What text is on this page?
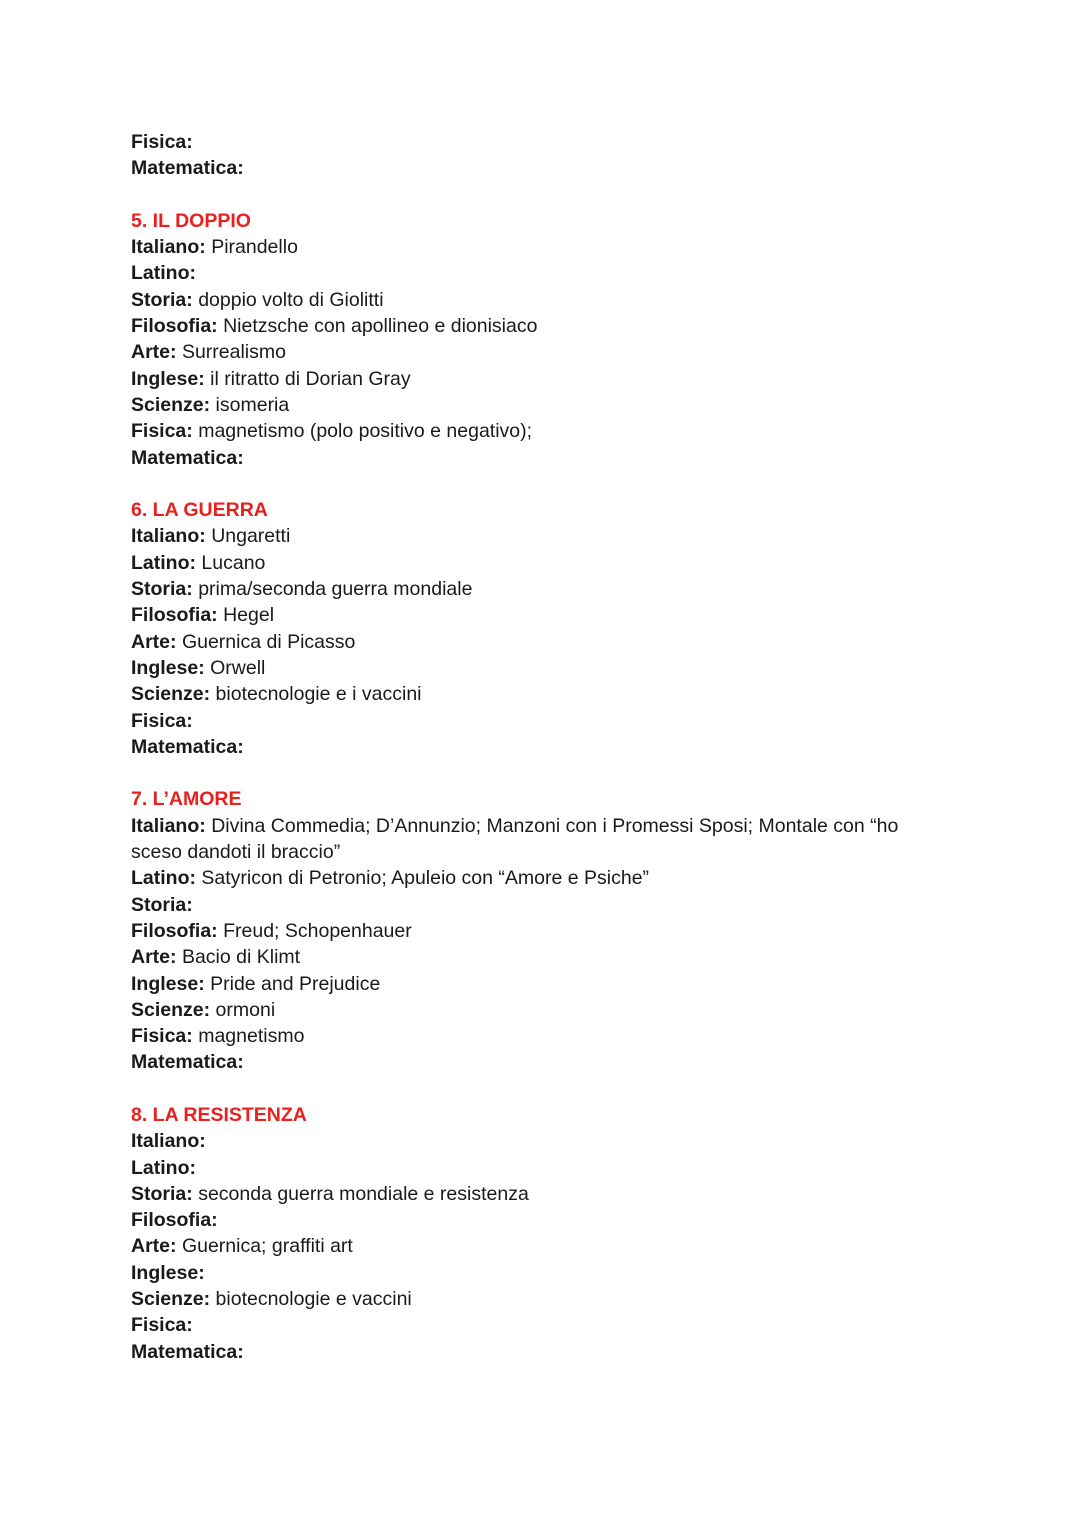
Fisica:
Matematica:
5. IL DOPPIO
Italiano: Pirandello
Latino:
Storia: doppio volto di Giolitti
Filosofia: Nietzsche con apollineo e dionisiaco
Arte: Surrealismo
Inglese: il ritratto di Dorian Gray
Scienze: isomeria
Fisica: magnetismo (polo positivo e negativo);
Matematica:
6. LA GUERRA
Italiano: Ungaretti
Latino: Lucano
Storia: prima/seconda guerra mondiale
Filosofia: Hegel
Arte: Guernica di Picasso
Inglese: Orwell
Scienze: biotecnologie e i vaccini
Fisica:
Matematica:
7. L’AMORE
Italiano: Divina Commedia; D’Annunzio; Manzoni con i Promessi Sposi; Montale con “ho sceso dandoti il braccio”
Latino: Satyricon di Petronio; Apuleio con “Amore e Psiche”
Storia:
Filosofia: Freud; Schopenhauer
Arte: Bacio di Klimt
Inglese: Pride and Prejudice
Scienze: ormoni
Fisica: magnetismo
Matematica:
8. LA RESISTENZA
Italiano:
Latino:
Storia: seconda guerra mondiale e resistenza
Filosofia:
Arte: Guernica; graffiti art
Inglese:
Scienze: biotecnologie e vaccini
Fisica:
Matematica:
